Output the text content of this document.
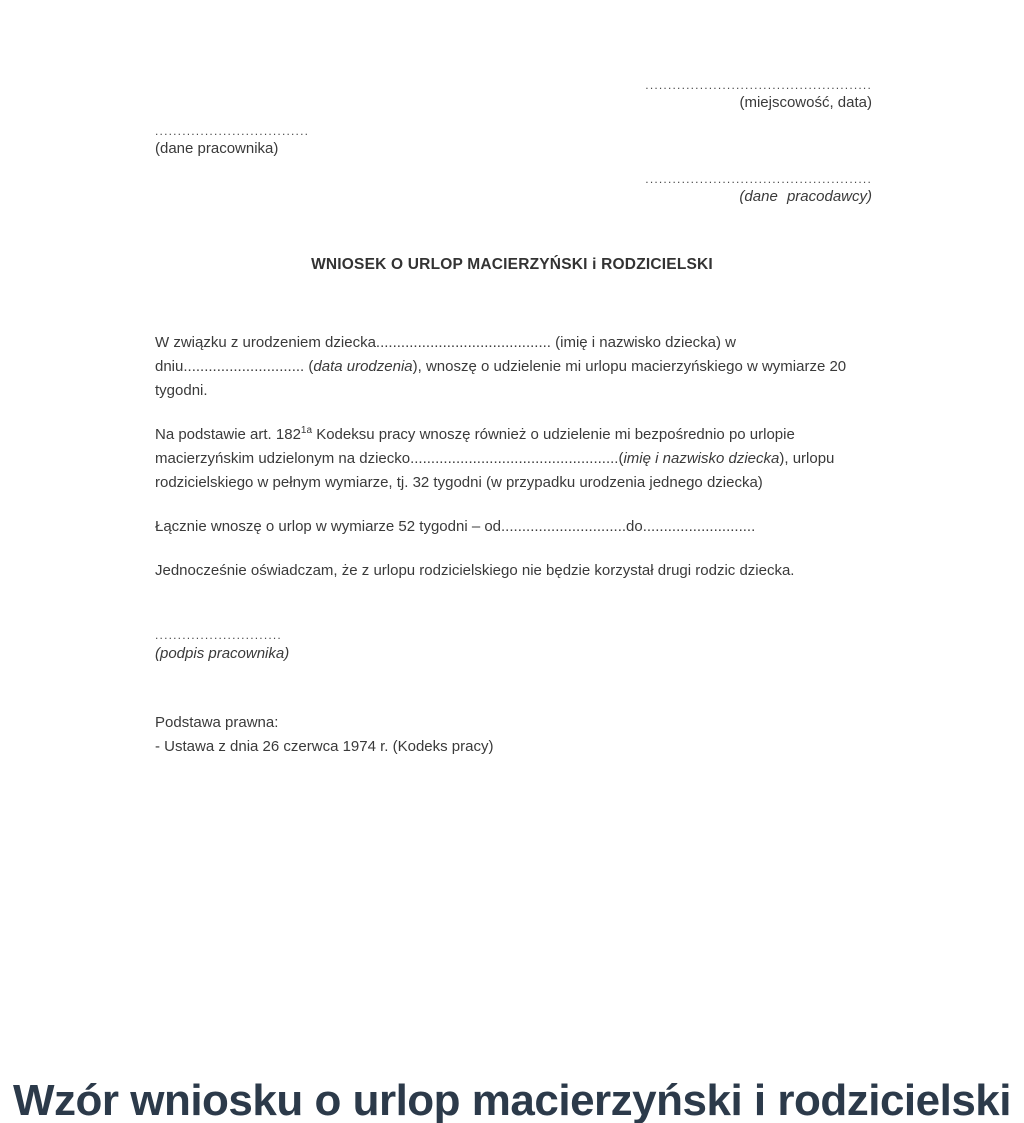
..................................................
(miejscowość, data)
..................................
(dane pracownika)
..................................................
(dane pracodawcy)
WNIOSEK O URLOP MACIERZYŃSKI i RODZICIELSKI

W związku z urodzeniem dziecka.......................................... (imię i nazwisko dziecka) w dniu............................. (data urodzenia), wnoszę o udzielenie mi urlopu macierzyńskiego w wymiarze 20 tygodni.

Na podstawie art. 182$^{1a}$ Kodeksu pracy wnoszę również o udzielenie mi bezpośrednio po urlopie macierzyńskim udzielonym na dziecko..................................................(imię i nazwisko dziecka), urlopu rodzicielskiego w pełnym wymiarze, tj. 32 tygodni (w przypadku urodzenia jednego dziecka)

Łącznie wnoszę o urlop w wymiarze 52 tygodni – od..............................do...........................

Jednocześnie oświadczam, że z urlopu rodzicielskiego nie będzie korzystał drugi rodzic dziecka.

............................
(podpis pracownika)

Podstawa prawna:

- Ustawa z dnia 26 czerwca 1974 r. (Kodeks pracy)

Wzór wniosku o urlop macierzyński i rodzicielski
